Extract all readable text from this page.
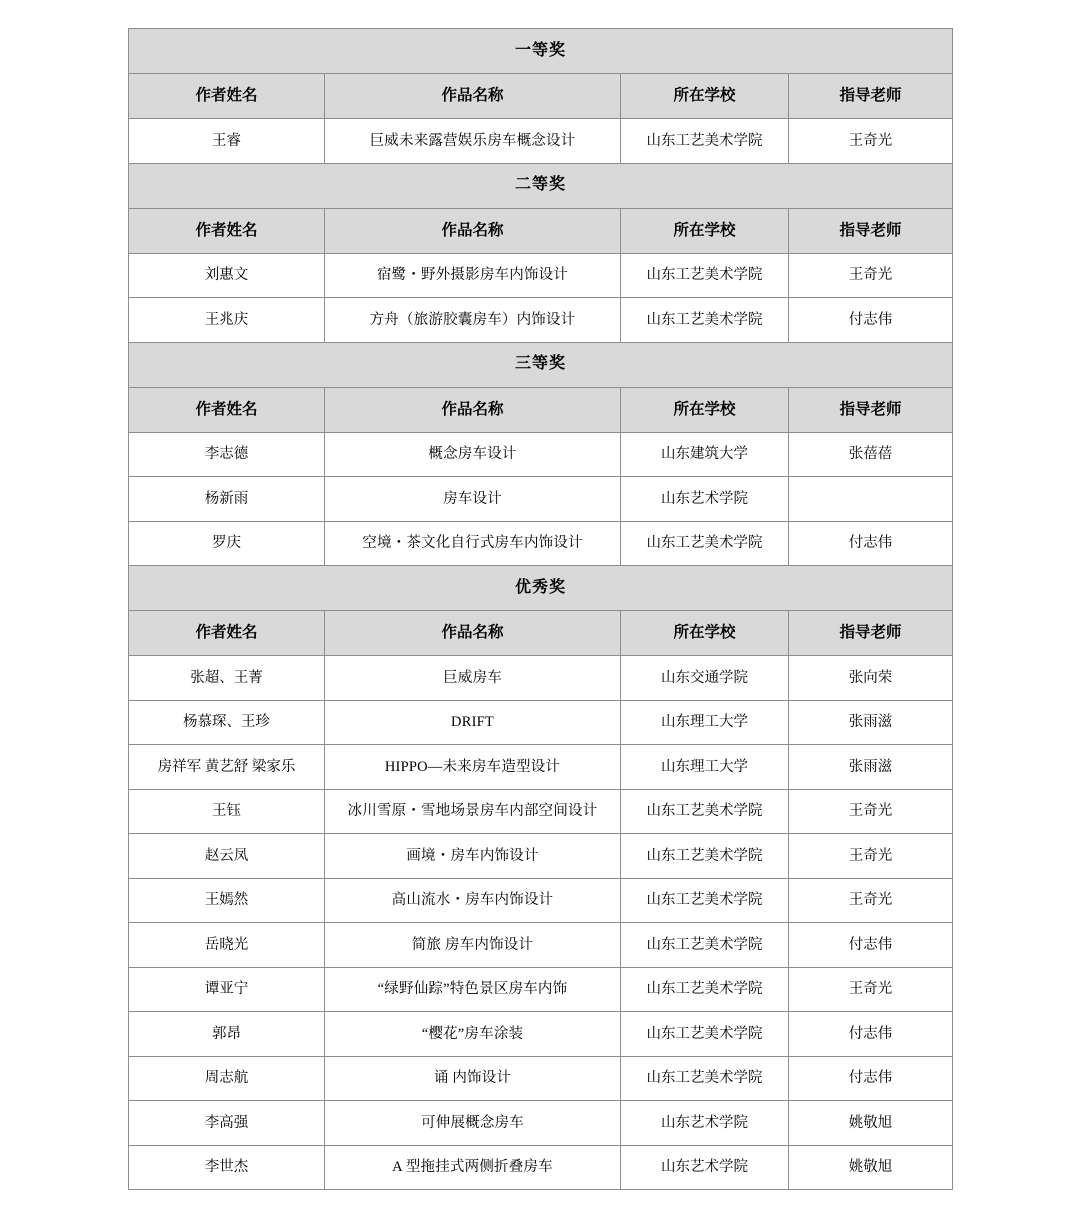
一等奖			
作者姓名	作品名称	所在学校	指导老师
王睿	巨威未来露营娱乐房车概念设计	山东工艺美术学院	王奇光
二等奖			
作者姓名	作品名称	所在学校	指导老师
刘惠文	宿鹭・野外摄影房车内饰设计	山东工艺美术学院	王奇光
王兆庆	方舟（旅游胶囊房车）内饰设计	山东工艺美术学院	付志伟
三等奖			
作者姓名	作品名称	所在学校	指导老师
李志德	概念房车设计	山东建筑大学	张蓓蓓
杨新雨	房车设计	山东艺术学院	
罗庆	空境・茶文化自行式房车内饰设计	山东工艺美术学院	付志伟
优秀奖			
作者姓名	作品名称	所在学校	指导老师
张超、王菁	巨威房车	山东交通学院	张向荣
杨慕琛、王珍	DRIFT	山东理工大学	张雨滋
房祥军 黄艺舒 梁家乐	HIPPO—未来房车造型设计	山东理工大学	张雨滋
王钰	冰川雪原・雪地场景房车内部空间设计	山东工艺美术学院	王奇光
赵云凤	画境・房车内饰设计	山东工艺美术学院	王奇光
王嫣然	高山流水・房车内饰设计	山东工艺美术学院	王奇光
岳晓光	简旅 房车内饰设计	山东工艺美术学院	付志伟
谭亚宁	“绿野仙踪”特色景区房车内饰	山东工艺美术学院	王奇光
郭昂	“樱花”房车涂装	山东工艺美术学院	付志伟
周志航	诵 内饰设计	山东工艺美术学院	付志伟
李高强	可伸展概念房车	山东艺术学院	姚敬旭
李世杰	A 型拖挂式两侧折叠房车	山东艺术学院	姚敬旭
